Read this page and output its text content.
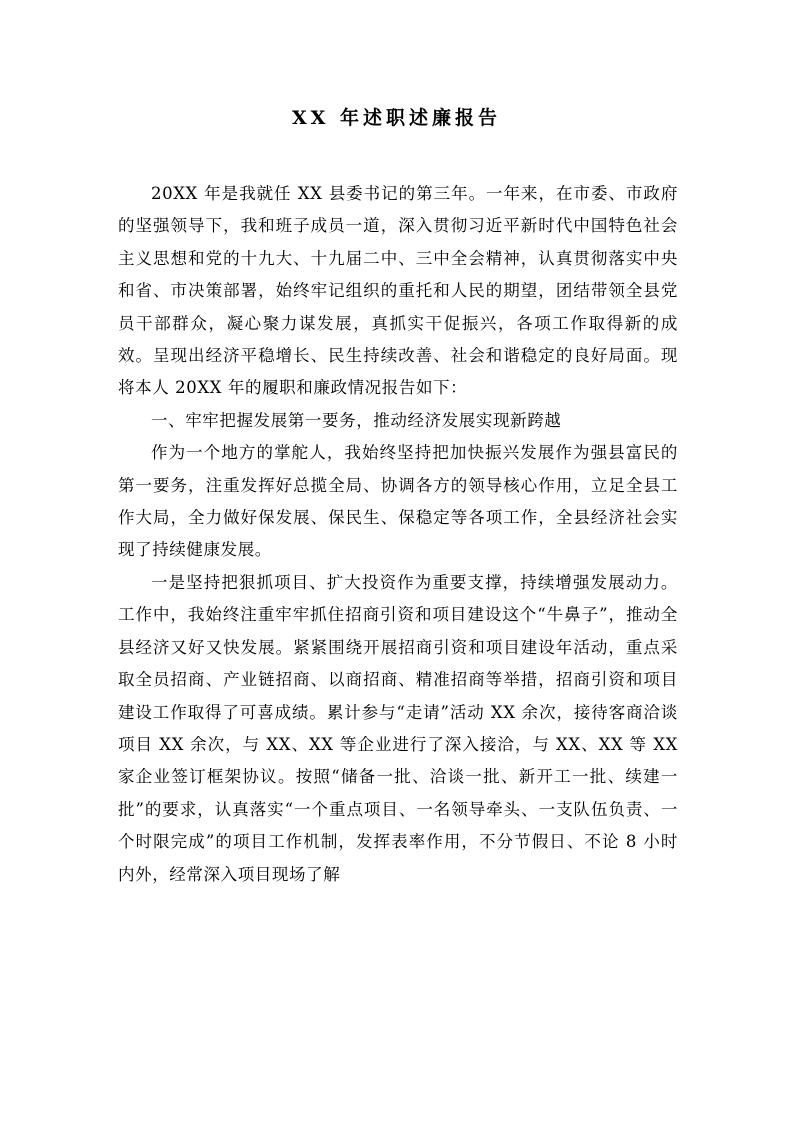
XX 年述职述廉报告

20XX 年是我就任 XX 县委书记的第三年。一年来，在市委、市政府的坚强领导下，我和班子成员一道，深入贯彻习近平新时代中国特色社会主义思想和党的十九大、十九届二中、三中全会精神，认真贯彻落实中央和省、市决策部署，始终牢记组织的重托和人民的期望，团结带领全县党员干部群众，凝心聚力谋发展，真抓实干促振兴，各项工作取得新的成效。呈现出经济平稳增长、民生持续改善、社会和谐稳定的良好局面。现将本人 20XX 年的履职和廉政情况报告如下：

一、牢牢把握发展第一要务，推动经济发展实现新跨越

作为一个地方的掌舵人，我始终坚持把加快振兴发展作为强县富民的第一要务，注重发挥好总揽全局、协调各方的领导核心作用，立足全县工作大局，全力做好保发展、保民生、保稳定等各项工作，全县经济社会实现了持续健康发展。

一是坚持把狠抓项目、扩大投资作为重要支撑，持续增强发展动力。工作中，我始终注重牢牢抓住招商引资和项目建设这个“牛鼻子”，推动全县经济又好又快发展。紧紧围绕开展招商引资和项目建设年活动，重点采取全员招商、产业链招商、以商招商、精准招商等举措，招商引资和项目建设工作取得了可喜成绩。累计参与“走请”活动 XX 余次，接待客商洽谈项目 XX 余次，与 XX、XX 等企业进行了深入接洽，与 XX、XX 等 XX 家企业签订框架协议。按照“储备一批、洽谈一批、新开工一批、续建一批”的要求，认真落实“一个重点项目、一名领导牵头、一支队伍负责、一个时限完成”的项目工作机制，发挥表率作用，不分节假日、不论 8 小时内外，经常深入项目现场了解
